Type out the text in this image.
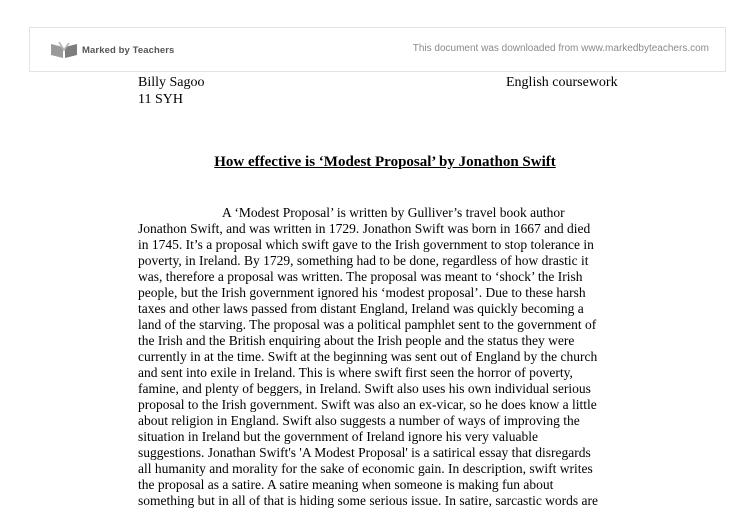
Marked by Teachers	This document was downloaded from www.markedbyteachers.com
Billy Sagoo
11 SYH
English coursework
How effective is ‘Modest Proposal’ by Jonathon Swift
A ‘Modest Proposal’ is written by Gulliver’s travel book author
Jonathon Swift, and was written in 1729. Jonathon Swift was born in 1667 and died
in 1745. It’s a proposal which swift gave to the Irish government to stop tolerance in
poverty, in Ireland. By 1729, something had to be done, regardless of how drastic it
was, therefore a proposal was written. The proposal was meant to ‘shock’ the Irish
people, but the Irish government ignored his ‘modest proposal’. Due to these harsh
taxes and other laws passed from distant England, Ireland was quickly becoming a
land of the starving. The proposal was a political pamphlet sent to the government of
the Irish and the British enquiring about the Irish people and the status they were
currently in at the time. Swift at the beginning was sent out of England by the church
and sent into exile in Ireland. This is where swift first seen the horror of poverty,
famine, and plenty of beggers, in Ireland. Swift also uses his own individual serious
proposal to the Irish government. Swift was also an ex-vicar, so he does know a little
about religion in England. Swift also suggests a number of ways of improving the
situation in Ireland but the government of Ireland ignore his very valuable
suggestions. Jonathan Swift's 'A Modest Proposal' is a satirical essay that disregards
all humanity and morality for the sake of economic gain. In description, swift writes
the proposal as a satire. A satire meaning when someone is making fun about
something but in all of that is hiding some serious issue. In satire, sarcastic words are
